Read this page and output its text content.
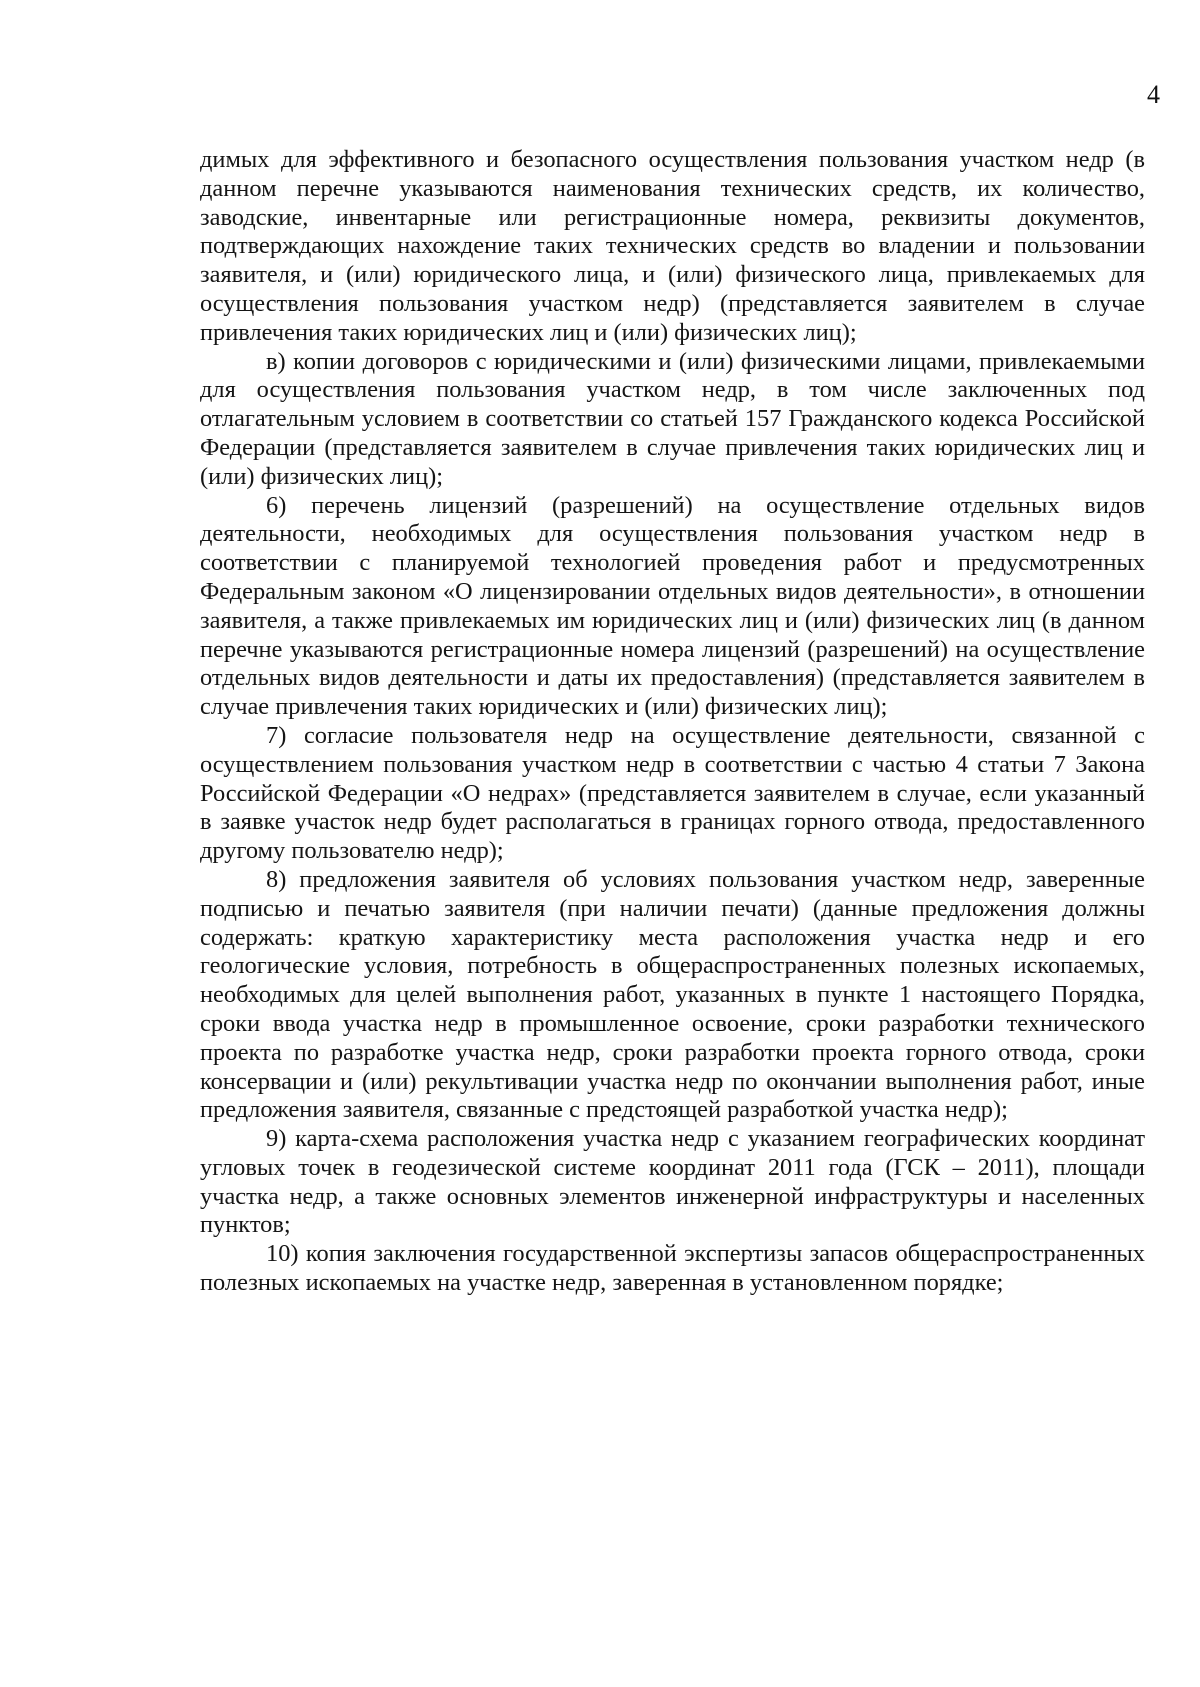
4

димых для эффективного и безопасного осуществления пользования участком недр (в данном перечне указываются наименования технических средств, их количество, заводские, инвентарные или регистрационные номера, реквизиты документов, подтверждающих нахождение таких технических средств во владении и пользовании заявителя, и (или) юридического лица, и (или) физического лица, привлекаемых для осуществления пользования участком недр) (представляется заявителем в случае привлечения таких юридических лиц и (или) физических лиц);

в) копии договоров с юридическими и (или) физическими лицами, привлекаемыми для осуществления пользования участком недр, в том числе заключенных под отлагательным условием в соответствии со статьей 157 Гражданского кодекса Российской Федерации (представляется заявителем в случае привлечения таких юридических лиц и (или) физических лиц);

6) перечень лицензий (разрешений) на осуществление отдельных видов деятельности, необходимых для осуществления пользования участком недр в соответствии с планируемой технологией проведения работ и предусмотренных Федеральным законом «О лицензировании отдельных видов деятельности», в отношении заявителя, а также привлекаемых им юридических лиц и (или) физических лиц (в данном перечне указываются регистрационные номера лицензий (разрешений) на осуществление отдельных видов деятельности и даты их предоставления) (представляется заявителем в случае привлечения таких юридических и (или) физических лиц);

7) согласие пользователя недр на осуществление деятельности, связанной с осуществлением пользования участком недр в соответствии с частью 4 статьи 7 Закона Российской Федерации «О недрах» (представляется заявителем в случае, если указанный в заявке участок недр будет располагаться в границах горного отвода, предоставленного другому пользователю недр);

8) предложения заявителя об условиях пользования участком недр, заверенные подписью и печатью заявителя (при наличии печати) (данные предложения должны содержать: краткую характеристику места расположения участка недр и его геологические условия, потребность в общераспространенных полезных ископаемых, необходимых для целей выполнения работ, указанных в пункте 1 настоящего Порядка, сроки ввода участка недр в промышленное освоение, сроки разработки технического проекта по разработке участка недр, сроки разработки проекта горного отвода, сроки консервации и (или) рекультивации участка недр по окончании выполнения работ, иные предложения заявителя, связанные с предстоящей разработкой участка недр);

9) карта-схема расположения участка недр с указанием географических координат угловых точек в геодезической системе координат 2011 года (ГСК – 2011), площади участка недр, а также основных элементов инженерной инфраструктуры и населенных пунктов;

10) копия заключения государственной экспертизы запасов общераспространенных полезных ископаемых на участке недр, заверенная в установленном порядке;
